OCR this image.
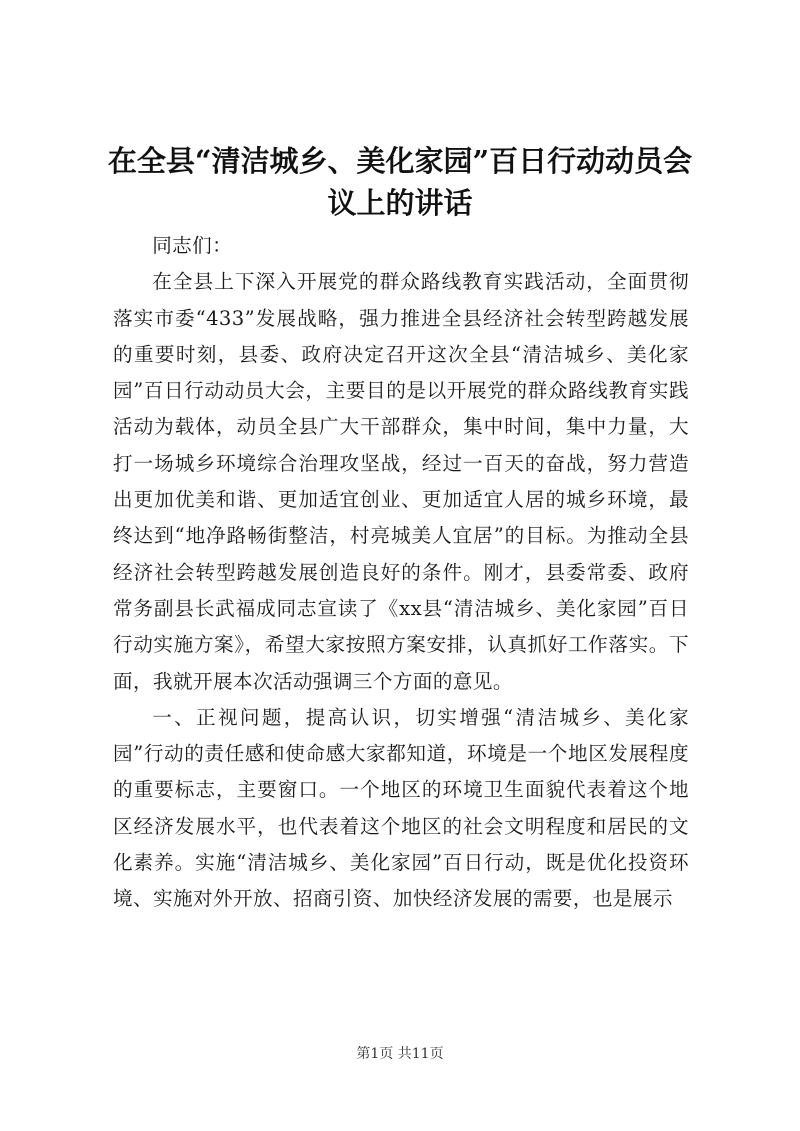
在全县“清洁城乡、美化家园”百日行动动员会议上的讲话

同志们：

在全县上下深入开展党的群众路线教育实践活动，全面贯彻落实市委“433”发展战略，强力推进全县经济社会转型跨越发展的重要时刻，县委、政府决定召开这次全县“清洁城乡、美化家园”百日行动动员大会，主要目的是以开展党的群众路线教育实践活动为载体，动员全县广大干部群众，集中时间，集中力量，大打一场城乡环境综合治理攻坚战，经过一百天的奋战，努力营造出更加优美和谐、更加适宜创业、更加适宜人居的城乡环境，最终达到“地净路畅街整洁，村亮城美人宜居”的目标。为推动全县经济社会转型跨越发展创造良好的条件。刚才，县委常委、政府常务副县长武福成同志宣读了《xx县“清洁城乡、美化家园”百日行动实施方案》，希望大家按照方案安排，认真抓好工作落实。下面，我就开展本次活动强调三个方面的意见。

一、正视问题，提高认识，切实增强“清洁城乡、美化家园”行动的责任感和使命感大家都知道，环境是一个地区发展程度的重要标志，主要窗口。一个地区的环境卫生面貌代表着这个地区经济发展水平，也代表着这个地区的社会文明程度和居民的文化素养。实施“清洁城乡、美化家园”百日行动，既是优化投资环境、实施对外开放、招商引资、加快经济发展的需要，也是展示

第1页 共11页
